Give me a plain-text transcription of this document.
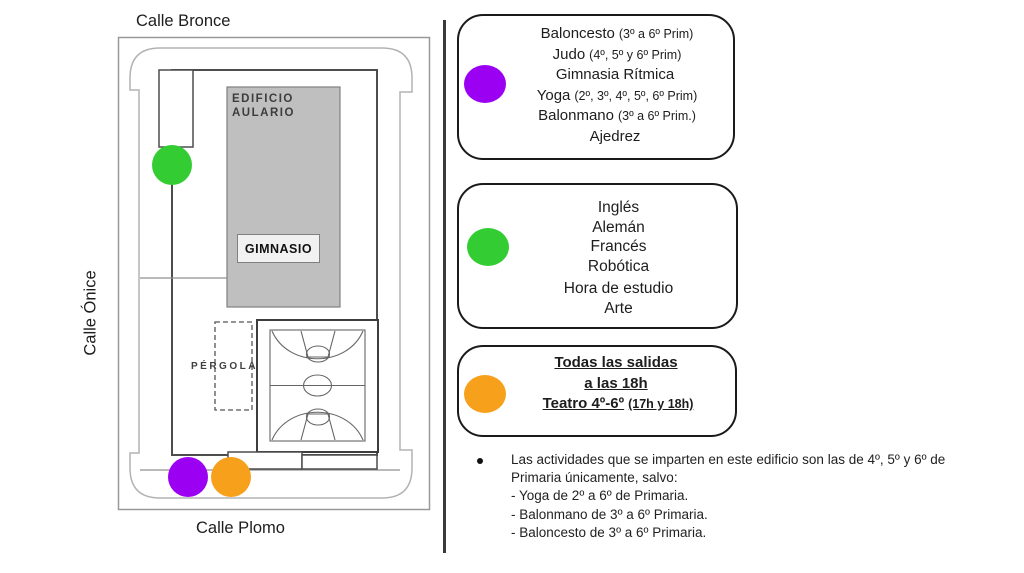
Calle Bronce
Calle Ónice
Calle Plomo
EDIFICIO
AULARIO
GIMNASIO
PÉRGOLA
Baloncesto (3º a 6º Prim)
Judo (4º, 5º y 6º Prim)
Gimnasia Rítmica
Yoga (2º, 3º, 4º, 5º, 6º Prim)
Balonmano (3º a 6º Prim.)
Ajedrez
Inglés
Alemán
Francés
Robótica
Hora de estudio
Arte
Todas las salidas
a las 18h
Teatro 4º-6º (17h y 18h)
Las actividades que se imparten en este edificio son las de 4º, 5º y 6º de
Primaria únicamente, salvo:
- Yoga de 2º a 6º de Primaria.
- Balonmano de 3º a 6º Primaria.
- Baloncesto de 3º a 6º Primaria.
